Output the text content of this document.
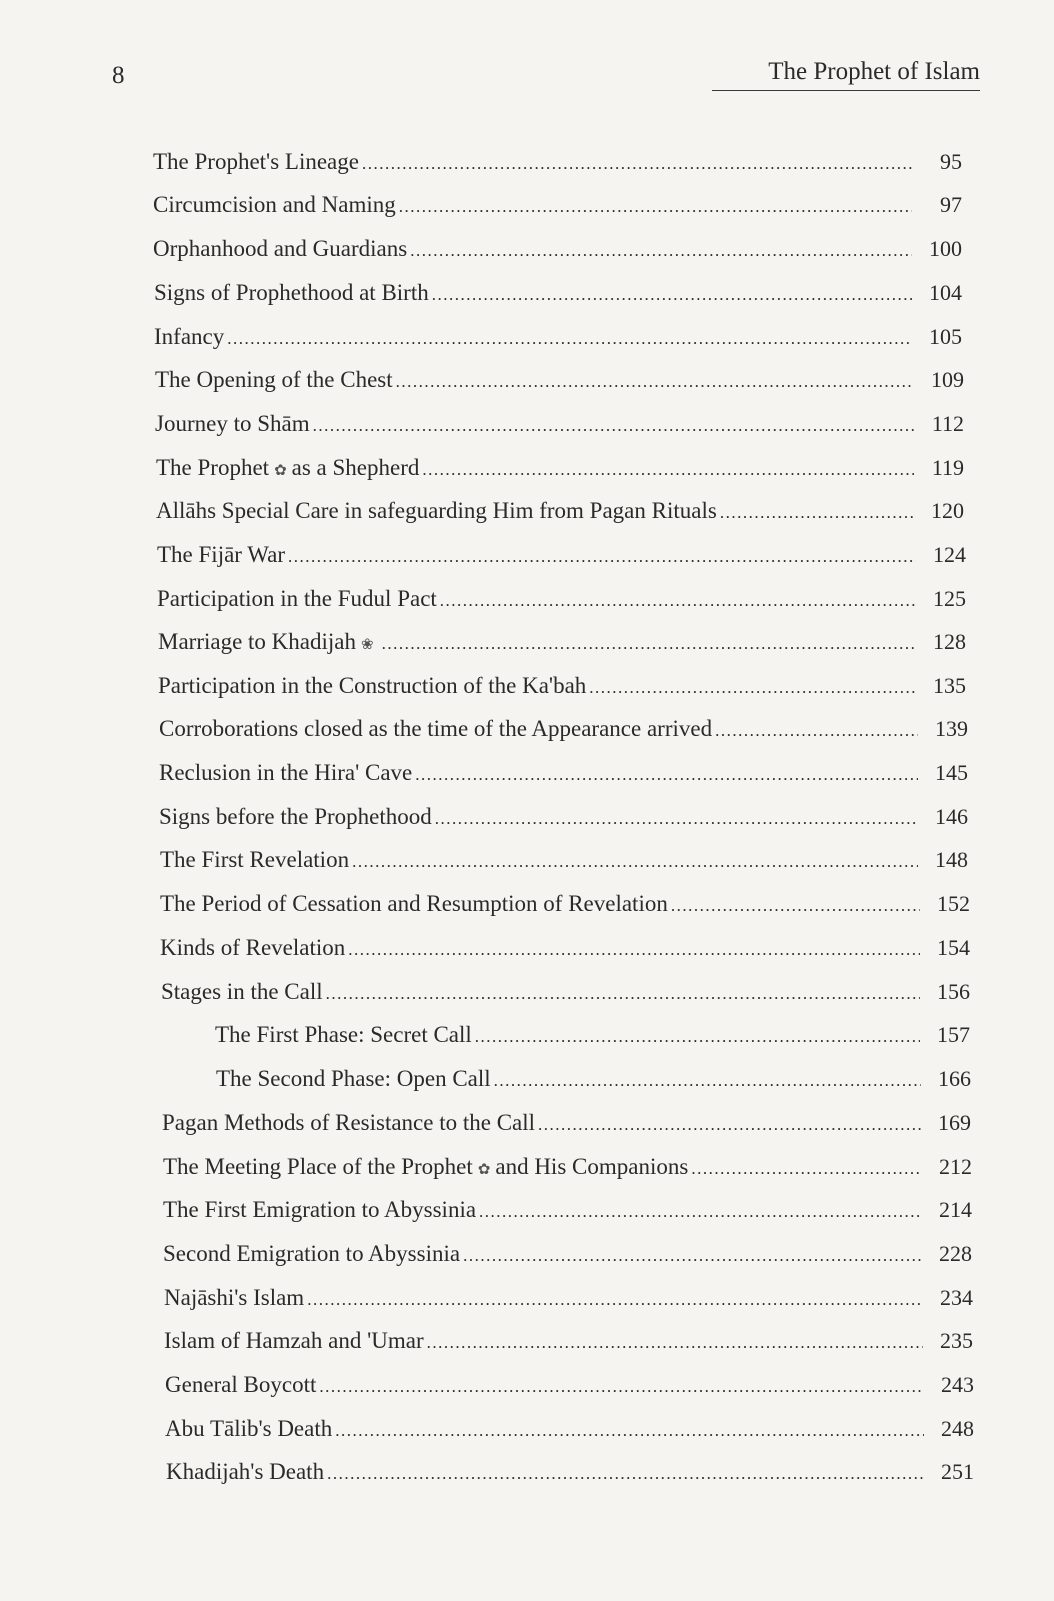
8	The Prophet of Islam
The Prophet's Lineage .....	95
Circumcision and Naming .....	97
Orphanhood and Guardians .....	100
Signs of Prophethood at Birth .....	104
Infancy .....	105
The Opening of the Chest .....	109
Journey to Shām .....	112
The Prophet ✿ as a Shepherd .....	119
Allāhs Special Care in safeguarding Him from Pagan Rituals .....	120
The Fijār War .....	124
Participation in the Fudul Pact .....	125
Marriage to Khadijah ❀ .....	128
Participation in the Construction of the Ka'bah .....	135
Corroborations closed as the time of the Appearance arrived .....	139
Reclusion in the Hira' Cave .....	145
Signs before the Prophethood .....	146
The First Revelation .....	148
The Period of Cessation and Resumption of Revelation .....	152
Kinds of Revelation .....	154
Stages in the Call .....	156
The First Phase: Secret Call .....	157
The Second Phase: Open Call .....	166
Pagan Methods of Resistance to the Call .....	169
The Meeting Place of the Prophet ✿ and His Companions .....	212
The First Emigration to Abyssinia .....	214
Second Emigration to Abyssinia .....	228
Najāshi's Islam .....	234
Islam of Hamzah and 'Umar .....	235
General Boycott .....	243
Abu Tālib's Death .....	248
Khadijah's Death .....	251
